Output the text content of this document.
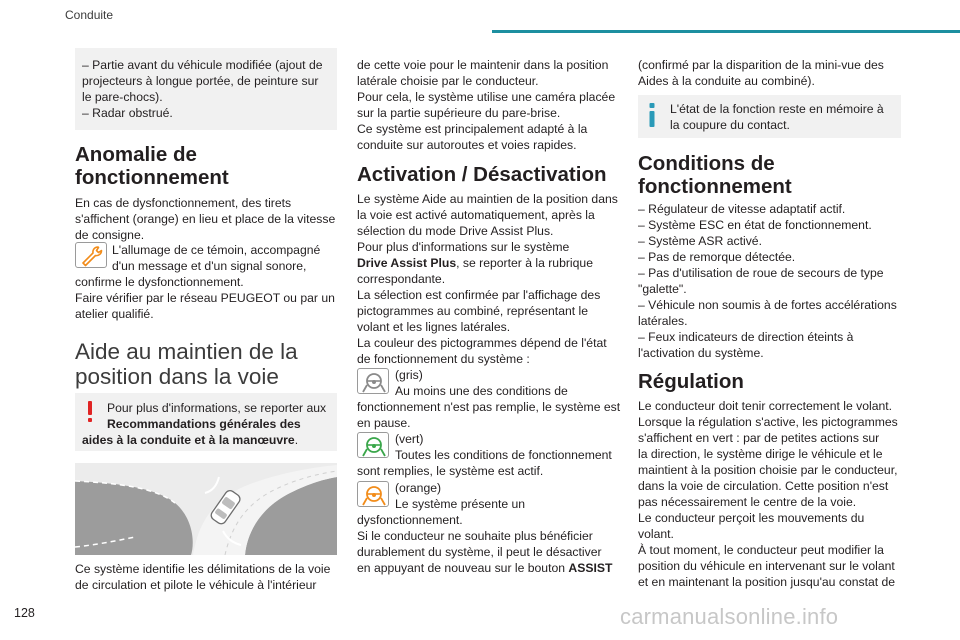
Conduite
128	carmanualsonline.info
– Partie avant du véhicule modifiée (ajout de
projecteurs à longue portée, de peinture sur
le pare-chocs).
– Radar obstrué.
Anomalie de
fonctionnement
En cas de dysfonctionnement, des tirets
s'affichent (orange) en lieu et place de la vitesse
de consigne.
L'allumage de ce témoin, accompagné
d'un message et d'un signal sonore,
confirme le dysfonctionnement.
Faire vérifier par le réseau PEUGEOT ou par un
atelier qualifié.
Aide au maintien de la
position dans la voie
Pour plus d'informations, se reporter aux
Recommandations générales des
aides à la conduite et à la manœuvre.
Ce système identifie les délimitations de la voie
de circulation et pilote le véhicule à l'intérieur
de cette voie pour le maintenir dans la position
latérale choisie par le conducteur.
Pour cela, le système utilise une caméra placée
sur la partie supérieure du pare-brise.
Ce système est principalement adapté à la
conduite sur autoroutes et voies rapides.
Activation / Désactivation
Le système Aide au maintien de la position dans
la voie est activé automatiquement, après la
sélection du mode Drive Assist Plus.
Pour plus d'informations sur le système
Drive Assist Plus, se reporter à la rubrique
correspondante.
La sélection est confirmée par l'affichage des
pictogrammes au combiné, représentant le
volant et les lignes latérales.
La couleur des pictogrammes dépend de l'état
de fonctionnement du système :
(gris)
Au moins une des conditions de
fonctionnement n'est pas remplie, le système est
en pause.
(vert)
Toutes les conditions de fonctionnement
sont remplies, le système est actif.
(orange)
Le système présente un
dysfonctionnement.
Si le conducteur ne souhaite plus bénéficier
durablement du système, il peut le désactiver
en appuyant de nouveau sur le bouton ASSIST
(confirmé par la disparition de la mini-vue des
Aides à la conduite au combiné).
L'état de la fonction reste en mémoire à
la coupure du contact.
Conditions de
fonctionnement
– Régulateur de vitesse adaptatif actif.
– Système ESC en état de fonctionnement.
– Système ASR activé.
– Pas de remorque détectée.
– Pas d'utilisation de roue de secours de type
"galette".
– Véhicule non soumis à de fortes accélérations
latérales.
– Feux indicateurs de direction éteints à
l'activation du système.
Régulation
Le conducteur doit tenir correctement le volant.
Lorsque la régulation s'active, les pictogrammes
s'affichent en vert : par de petites actions sur
la direction, le système dirige le véhicule et le
maintient à la position choisie par le conducteur,
dans la voie de circulation. Cette position n'est
pas nécessairement le centre de la voie.
Le conducteur perçoit les mouvements du
volant.
À tout moment, le conducteur peut modifier la
position du véhicule en intervenant sur le volant
et en maintenant la position jusqu'au constat de
